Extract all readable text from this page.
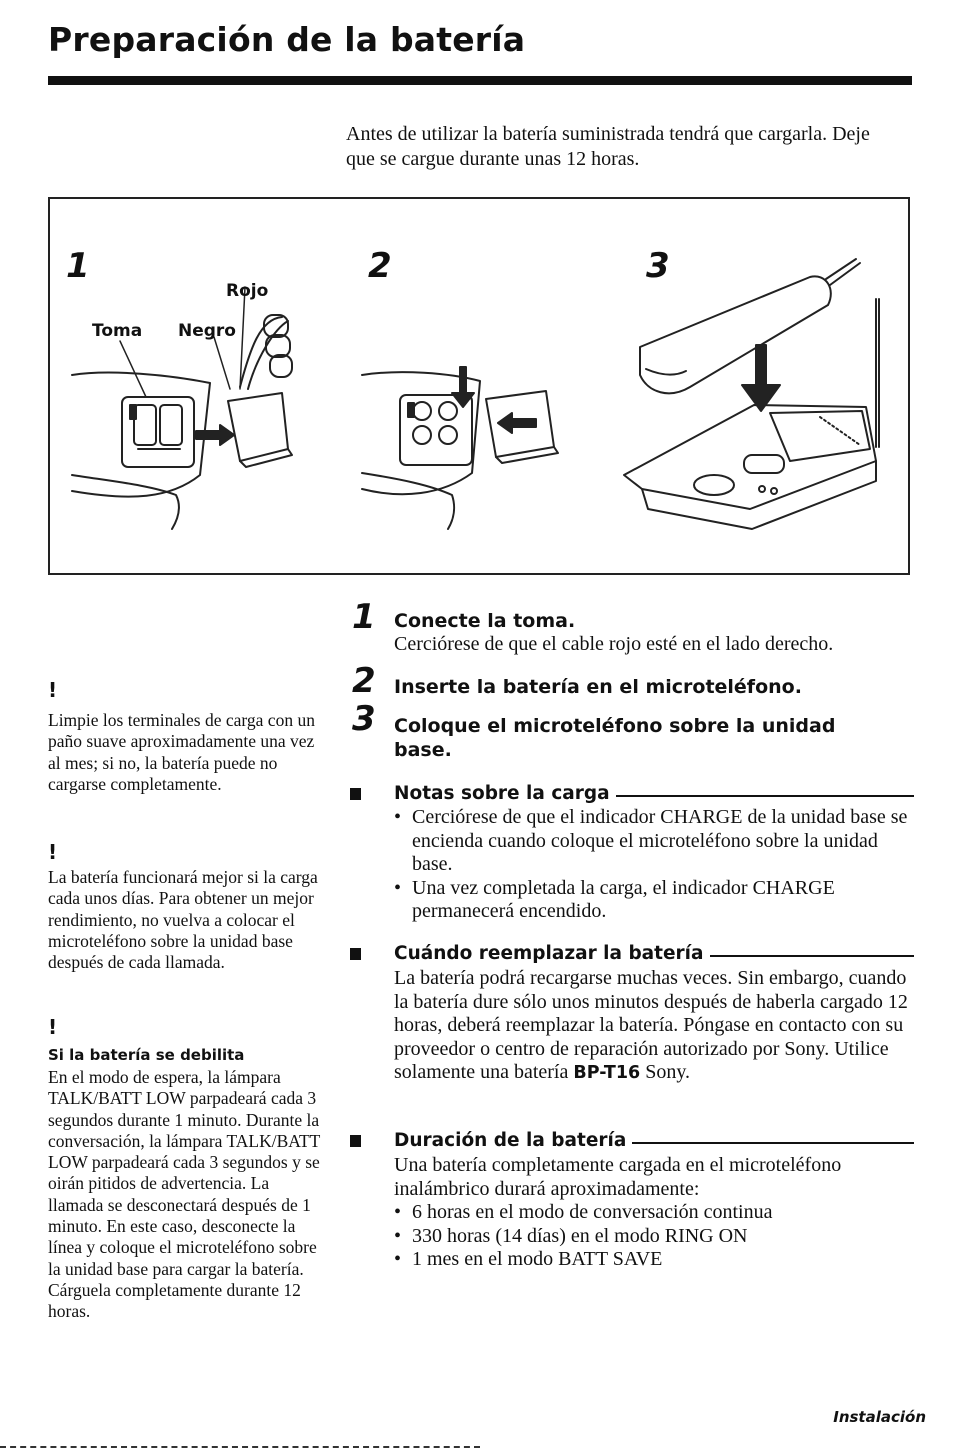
Preparación de la batería

Antes de utilizar la batería suministrada tendrá que cargarla. Deje que se cargue durante unas 12 horas.

1	2	3
Rojo
Toma Negro
1 Conecte la toma.

Cerciórese de que el cable rojo esté en el lado derecho.

2 Inserte la batería en el microteléfono.

3 Coloque el microteléfono sobre la unidad base.

Notas sobre la carga
• Cerciórese de que el indicador CHARGE de la unidad base se encienda cuando coloque el microteléfono sobre la unidad base.
• Una vez completada la carga, el indicador CHARGE permanecerá encendido.
Cuándo reemplazar la batería

La batería podrá recargarse muchas veces. Sin embargo, cuando la batería dure sólo unos minutos después de haberla cargado 12 horas, deberá reemplazar la batería. Póngase en contacto con su proveedor o centro de reparación autorizado por Sony. Utilice solamente una batería BP-T16 Sony.

Duración de la batería

Una batería completamente cargada en el microteléfono inalámbrico durará aproximadamente:

• 6 horas en el modo de conversación continua
• 330 horas (14 días) en el modo RING ON
• 1 mes en el modo BATT SAVE
!

Limpie los terminales de carga con un paño suave aproximadamente una vez al mes; si no, la batería puede no cargarse completamente.

!

La batería funcionará mejor si la carga cada unos días. Para obtener un mejor rendimiento, no vuelva a colocar el microteléfono sobre la unidad base después de cada llamada.

!
Si la batería se debilita

En el modo de espera, la lámpara TALK/BATT LOW parpadeará cada 3 segundos durante 1 minuto. Durante la conversación, la lámpara TALK/BATT LOW parpadeará cada 3 segundos y se oirán pitidos de advertencia. La llamada se desconectará después de 1 minuto. En este caso, desconecte la línea y coloque el microteléfono sobre la unidad base para cargar la batería. Cárguela completamente durante 12 horas.

Instalación
